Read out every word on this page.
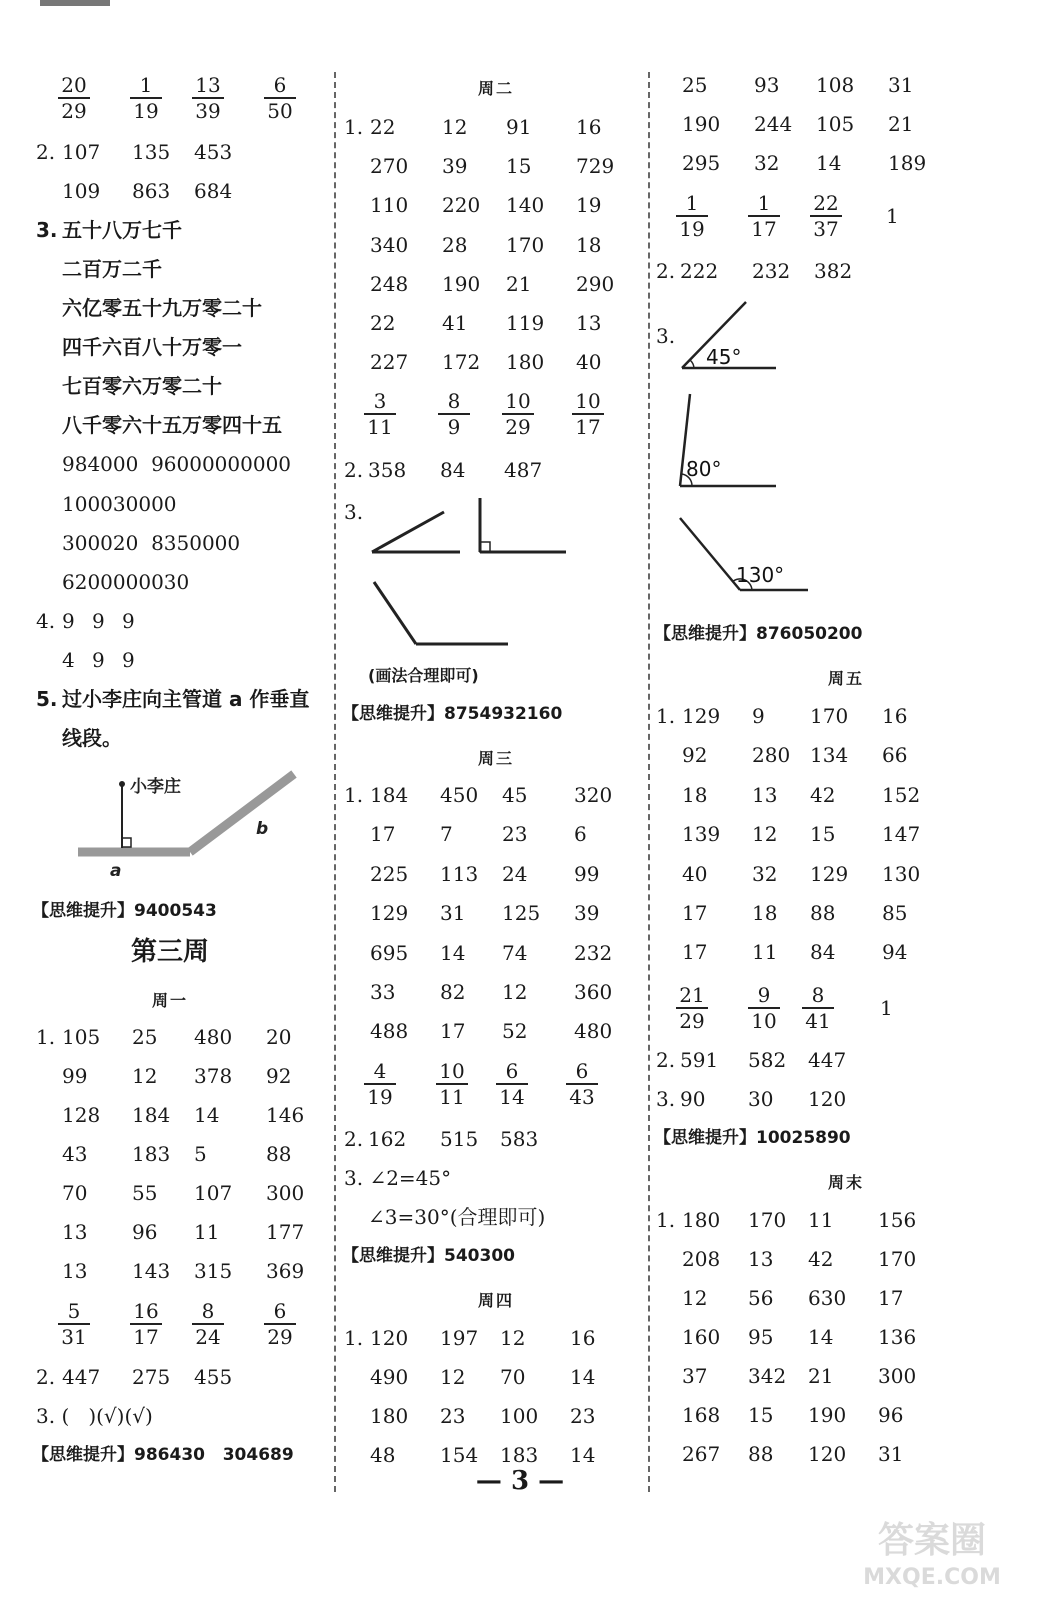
$\frac{20}{29} \frac{1}{19} \frac{13}{39} \frac{6}{50}$
2. 107 135 453
109 863 684
3. 五十八万七千
二百万二千
六亿零五十九万零二十
四千六百八十万零一
七百零六万零二十
八千零六十五万零四十五
984000  96000000000
100030000
300020  8350000
6200000030
4. 9 9 9
4 9 9
5. 过小李庄向主管道 a 作垂直
线段。
小李庄
a
b
【思维提升】9400543
第三周
周一
1. 105 25 480 20
99 12 378 92
128 184 14 146
43 183 5	88
70 55 107 300
13 96 11 177
13 143 315 369
$\frac{5}{31} \frac{16}{17} \frac{8}{24} \frac{6}{29}$
2. 447 275 455
3. (   )(√)(√)
【思维提升】986430   304689
周二
1. 22 12 91 16
270 39 15 729
110 220 140 19
340 28 170 18
248 190 21 290
22 41 119 13
227 172 180 40
$\frac{3}{11} \frac{8}{9} \frac{10}{29} \frac{10}{17}$
2. 358 84 487
3.
(画法合理即可)
【思维提升】8754932160
周三
1. 184 450 45 320
17 7 23 6
225 113 24 99
129 31 125 39
695 14 74 232
33 82 12 360
488 17 52 480
$\frac{4}{19} \frac{10}{11} \frac{6}{14} \frac{6}{43}$
2. 162 515 583
3. ∠2=45°
∠3=30°(合理即可)
【思维提升】540300
周四
1. 120 197 12 16
490 12 70 14
180 23 100 23
48 154 183 14
25 93 108 31
190 244 105 21
295 32 14 189
$\frac{1}{19} \frac{1}{17} \frac{22}{37} 1$
2. 222 232 382
3.
45°
80°
130°
【思维提升】876050200
周五
1. 129 9 170 16
92 280 134 66
18 13 42 152
139 12 15 147
40 32 129 130
17 18 88 85
17 11 84 94
$\frac{21}{29} \frac{9}{10} \frac{8}{41} 1$
2. 591 582 447
3. 90 30 120
【思维提升】10025890
周末
1. 180 170 11 156
208 13 42 170
12 56 630 17
160 95 14 136
37 342 21 300
168 15 190 96
267 88 120 31
— 3 —
答案圈
MXQE.COM
